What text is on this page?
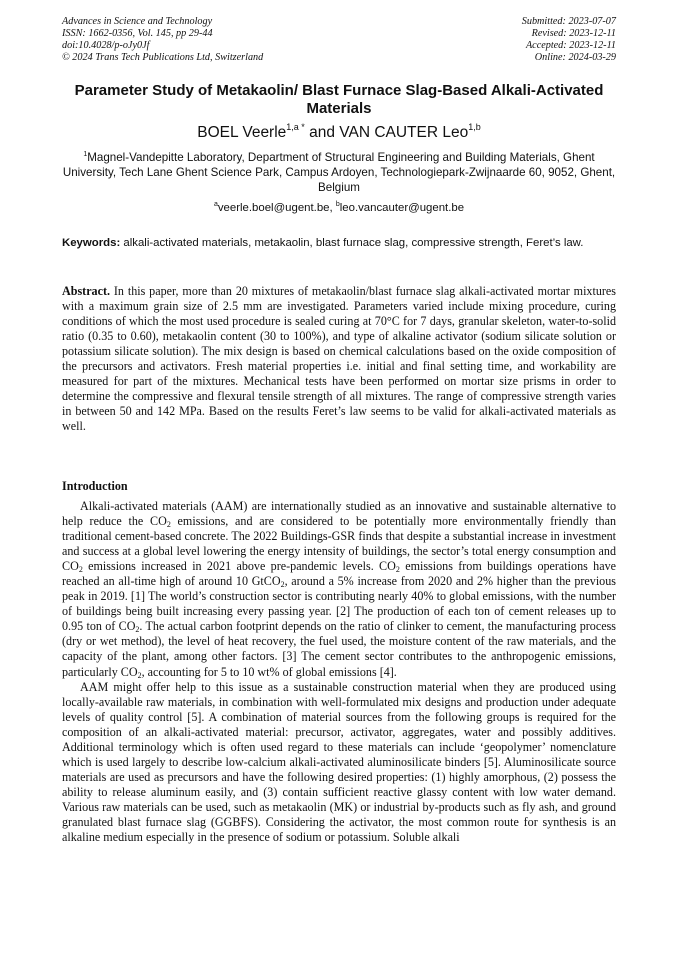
Advances in Science and Technology
ISSN: 1662-0356, Vol. 145, pp 29-44
doi:10.4028/p-oJy0Jf
© 2024 Trans Tech Publications Ltd, Switzerland
Submitted: 2023-07-07
Revised: 2023-12-11
Accepted: 2023-12-11
Online: 2024-03-29
Parameter Study of Metakaolin/ Blast Furnace Slag-Based Alkali-Activated Materials
BOEL Veerle$^{1,a *}$ and VAN CAUTER Leo$^{1,b}$
$^1$Magnel-Vandepitte Laboratory, Department of Structural Engineering and Building Materials, Ghent University, Tech Lane Ghent Science Park, Campus Ardoyen, Technologiepark-Zwijnaarde 60, 9052, Ghent, Belgium
$^a$veerle.boel@ugent.be, $^b$leo.vancauter@ugent.be
Keywords: alkali-activated materials, metakaolin, blast furnace slag, compressive strength, Feret’s law.
Abstract. In this paper, more than 20 mixtures of metakaolin/blast furnace slag alkali-activated mortar mixtures with a maximum grain size of 2.5 mm are investigated. Parameters varied include mixing procedure, curing conditions of which the most used procedure is sealed curing at 70°C for 7 days, granular skeleton, water-to-solid ratio (0.35 to 0.60), metakaolin content (30 to 100%), and type of alkaline activator (sodium silicate solution or potassium silicate solution). The mix design is based on chemical calculations based on the oxide composition of the precursors and activators. Fresh material properties i.e. initial and final setting time, and workability are measured for part of the mixtures. Mechanical tests have been performed on mortar size prisms in order to determine the compressive and flexural tensile strength of all mixtures. The range of compressive strength varies in between 50 and 142 MPa. Based on the results Feret’s law seems to be valid for alkali-activated materials as well.
Introduction

Alkali-activated materials (AAM) are internationally studied as an innovative and sustainable alternative to help reduce the $CO_2$ emissions, and are considered to be potentially more environmentally friendly than traditional cement-based concrete. The 2022 Buildings-GSR finds that despite a substantial increase in investment and success at a global level lowering the energy intensity of buildings, the sector’s total energy consumption and $CO_2$ emissions increased in 2021 above pre-pandemic levels. $CO_2$ emissions from buildings operations have reached an all-time high of around 10 GtCO$_2$, around a 5% increase from 2020 and 2% higher than the previous peak in 2019. [1] The world’s construction sector is contributing nearly 40% to global emissions, with the number of buildings being built increasing every passing year. [2] The production of each ton of cement releases up to 0.95 ton of $CO_2$. The actual carbon footprint depends on the ratio of clinker to cement, the manufacturing process (dry or wet method), the level of heat recovery, the fuel used, the moisture content of the raw materials, and the capacity of the plant, among other factors. [3] The cement sector contributes to the anthropogenic emissions, particularly $CO_2$, accounting for 5 to 10 wt% of global emissions [4].

AAM might offer help to this issue as a sustainable construction material when they are produced using locally-available raw materials, in combination with well-formulated mix designs and production under adequate levels of quality control [5]. A combination of material sources from the following groups is required for the composition of an alkali-activated material: precursor, activator, aggregates, water and possibly additives. Additional terminology which is often used regard to these materials can include ‘geopolymer’ nomenclature which is used largely to describe low-calcium alkali-activated aluminosilicate binders [5]. Aluminosilicate source materials are used as precursors and have the following desired properties: (1) highly amorphous, (2) possess the ability to release aluminum easily, and (3) contain sufficient reactive glassy content with low water demand. Various raw materials can be used, such as metakaolin (MK) or industrial by-products such as fly ash, and ground granulated blast furnace slag (GGBFS). Considering the activator, the most common route for synthesis is an alkaline medium especially in the presence of sodium or potassium. Soluble alkali
